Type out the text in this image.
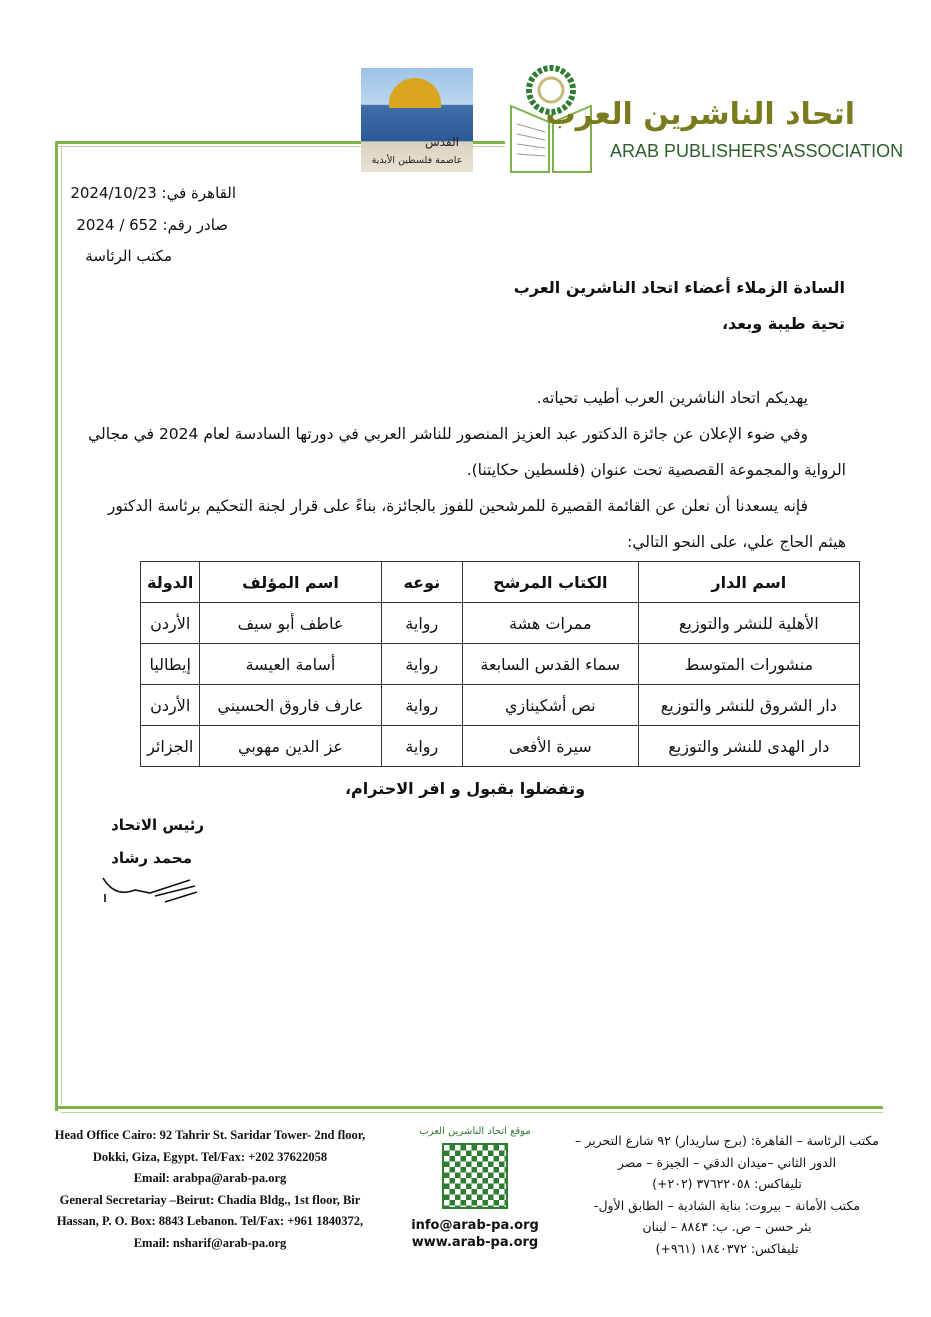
القدس
عاصمة فلسطين الأبدية
اتحاد الناشرين العرب
ARAB PUBLISHERS'ASSOCIATION
القاهرة في: 2024/10/23
صادر رقم: 652 / 2024
مكتب الرئاسة
السادة الزملاء أعضاء اتحاد الناشرين العرب
تحية طيبة وبعد،
يهديكم اتحاد الناشرين العرب أطيب تحياته.
وفي ضوء الإعلان عن جائزة الدكتور عبد العزيز المنصور للناشر العربي في دورتها السادسة لعام 2024 في مجالي الرواية والمجموعة القصصية تحت عنوان (فلسطين حكايتنا).
فإنه يسعدنا أن نعلن عن القائمة القصيرة للمرشحين للفوز بالجائزة، بناءً على قرار لجنة التحكيم برئاسة الدكتور هيثم الحاج علي، على النحو التالي:
اسم الدار	الكتاب المرشح	نوعه	اسم المؤلف	الدولة
الأهلية للنشر والتوزيع	ممرات هشة	رواية	عاطف أبو سيف	الأردن
منشورات المتوسط	سماء القدس السابعة	رواية	أسامة العيسة	إيطاليا
دار الشروق للنشر والتوزيع	نص أشكينازي	رواية	عارف فاروق الحسيني	الأردن
دار الهدى للنشر والتوزيع	سيرة الأفعى	رواية	عز الدين مهوبي	الجزائر
وتفضلوا بقبول و افر الاحترام،
رئيس الاتحاد
محمد رشاد
Head Office Cairo: 92 Tahrir St. Saridar Tower- 2nd floor,
Dokki, Giza, Egypt. Tel/Fax: +202 37622058
Email: arabpa@arab-pa.org
General Secretariay –Beirut: Chadia Bldg., 1st floor, Bir
Hassan, P. O. Box: 8843 Lebanon. Tel/Fax: +961 1840372,
Email: nsharif@arab-pa.org
موقع اتحاد الناشرين العرب
info@arab-pa.org
www.arab-pa.org
مكتب الرئاسة – القاهرة: (برج ساريدار) ٩٢ شارع التحرير –
الدور الثاني –ميدان الدقي – الجيزة – مصر
تليفاكس: ٣٧٦٢٢٠٥٨ (٢٠٢+)
مكتب الأمانة – بيروت: بناية الشادية – الطابق الأول-
بئر حسن – ص. ب: ٨٨٤٣ – لبنان
تليفاكس: ١٨٤٠٣٧٢ (٩٦١+)
